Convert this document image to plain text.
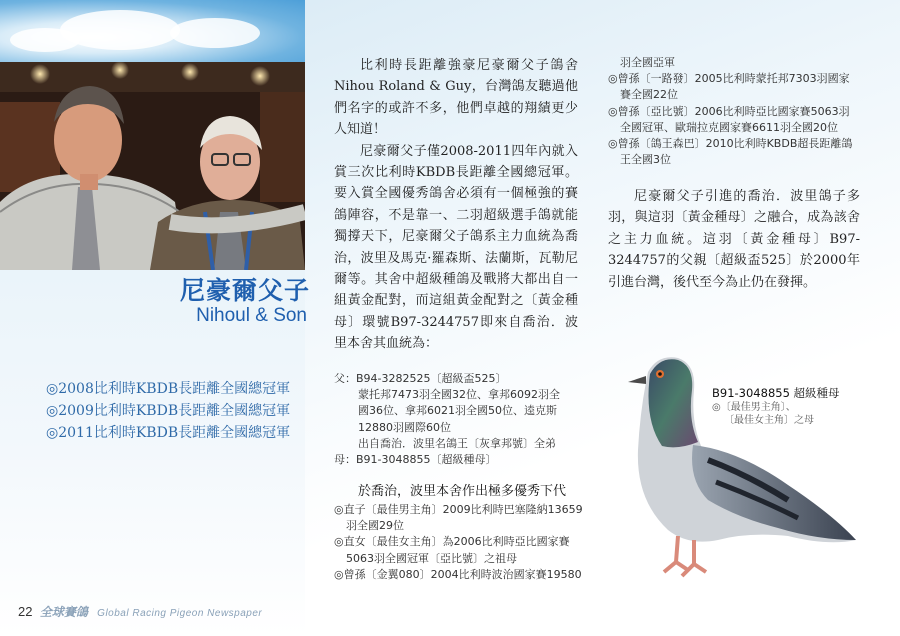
尼豪爾父子
Nihoul & Son
◎2008比利時KBDB長距離全國總冠軍
◎2009比利時KBDB長距離全國總冠軍
◎2011比利時KBDB長距離全國總冠軍

比利時長距離強豪尼豪爾父子鴿舍Nihou Roland & Guy，台灣鴿友聽過他們名字的或許不多，他們卓越的翔績更少人知道！

尼豪爾父子僅2008-2011四年內就入賞三次比利時KBDB長距離全國總冠軍。要入賞全國優秀鴿舍必須有一個極強的賽鴿陣容，不是靠一、二羽超級選手鴿就能獨撐天下，尼豪爾父子鴿系主力血統為喬治，波里及馬克·羅森斯、法蘭斯，瓦勒尼爾等。其舍中超級種鴿及戰將大都出自一組黃金配對，而這組黃金配對之〔黃金種母〕環號B97-3244757即來自喬治．波里本舍其血統為：

父：B94-3282525〔超級盃525〕
蒙托邦7473羽全國32位、拿邦6092羽全
國36位、拿邦6021羽全國50位、逵克斯
12880羽國際60位
出自喬治．波里名鴿王〔灰拿邦號〕全弟
母：B91-3048855〔超級種母〕
於喬治，波里本舍作出極多優秀下代
◎直子〔最佳男主角〕2009比利時巴塞隆納13659
羽全國29位
◎直女〔最佳女主角〕為2006比利時亞比國家賽
5063羽全國冠軍〔亞比號〕之祖母
◎曾孫〔金翼080〕2004比利時波治國家賽19580
羽全國亞軍
◎曾孫〔一路發〕2005比利時蒙托邦7303羽國家
賽全國22位
◎曾孫〔亞比號〕2006比利時亞比國家賽5063羽
全國冠軍、歐瑞拉克國家賽6611羽全國20位
◎曾孫〔鴿王森巴〕2010比利時KBDB超長距離鴿
王全國3位

尼豪爾父子引進的喬治．波里鴿子多羽，與這羽〔黃金種母〕之融合，成為該舍之主力血統。這羽〔黃金種母〕B97-3244757的父親〔超級盃525〕於2000年引進台灣，後代至今為止仍在發揮。

B91-3048855 超級種母
◎〔最佳男主角〕、
〔最佳女主角〕之母
22 全球賽鴿 Global Racing Pigeon Newspaper
